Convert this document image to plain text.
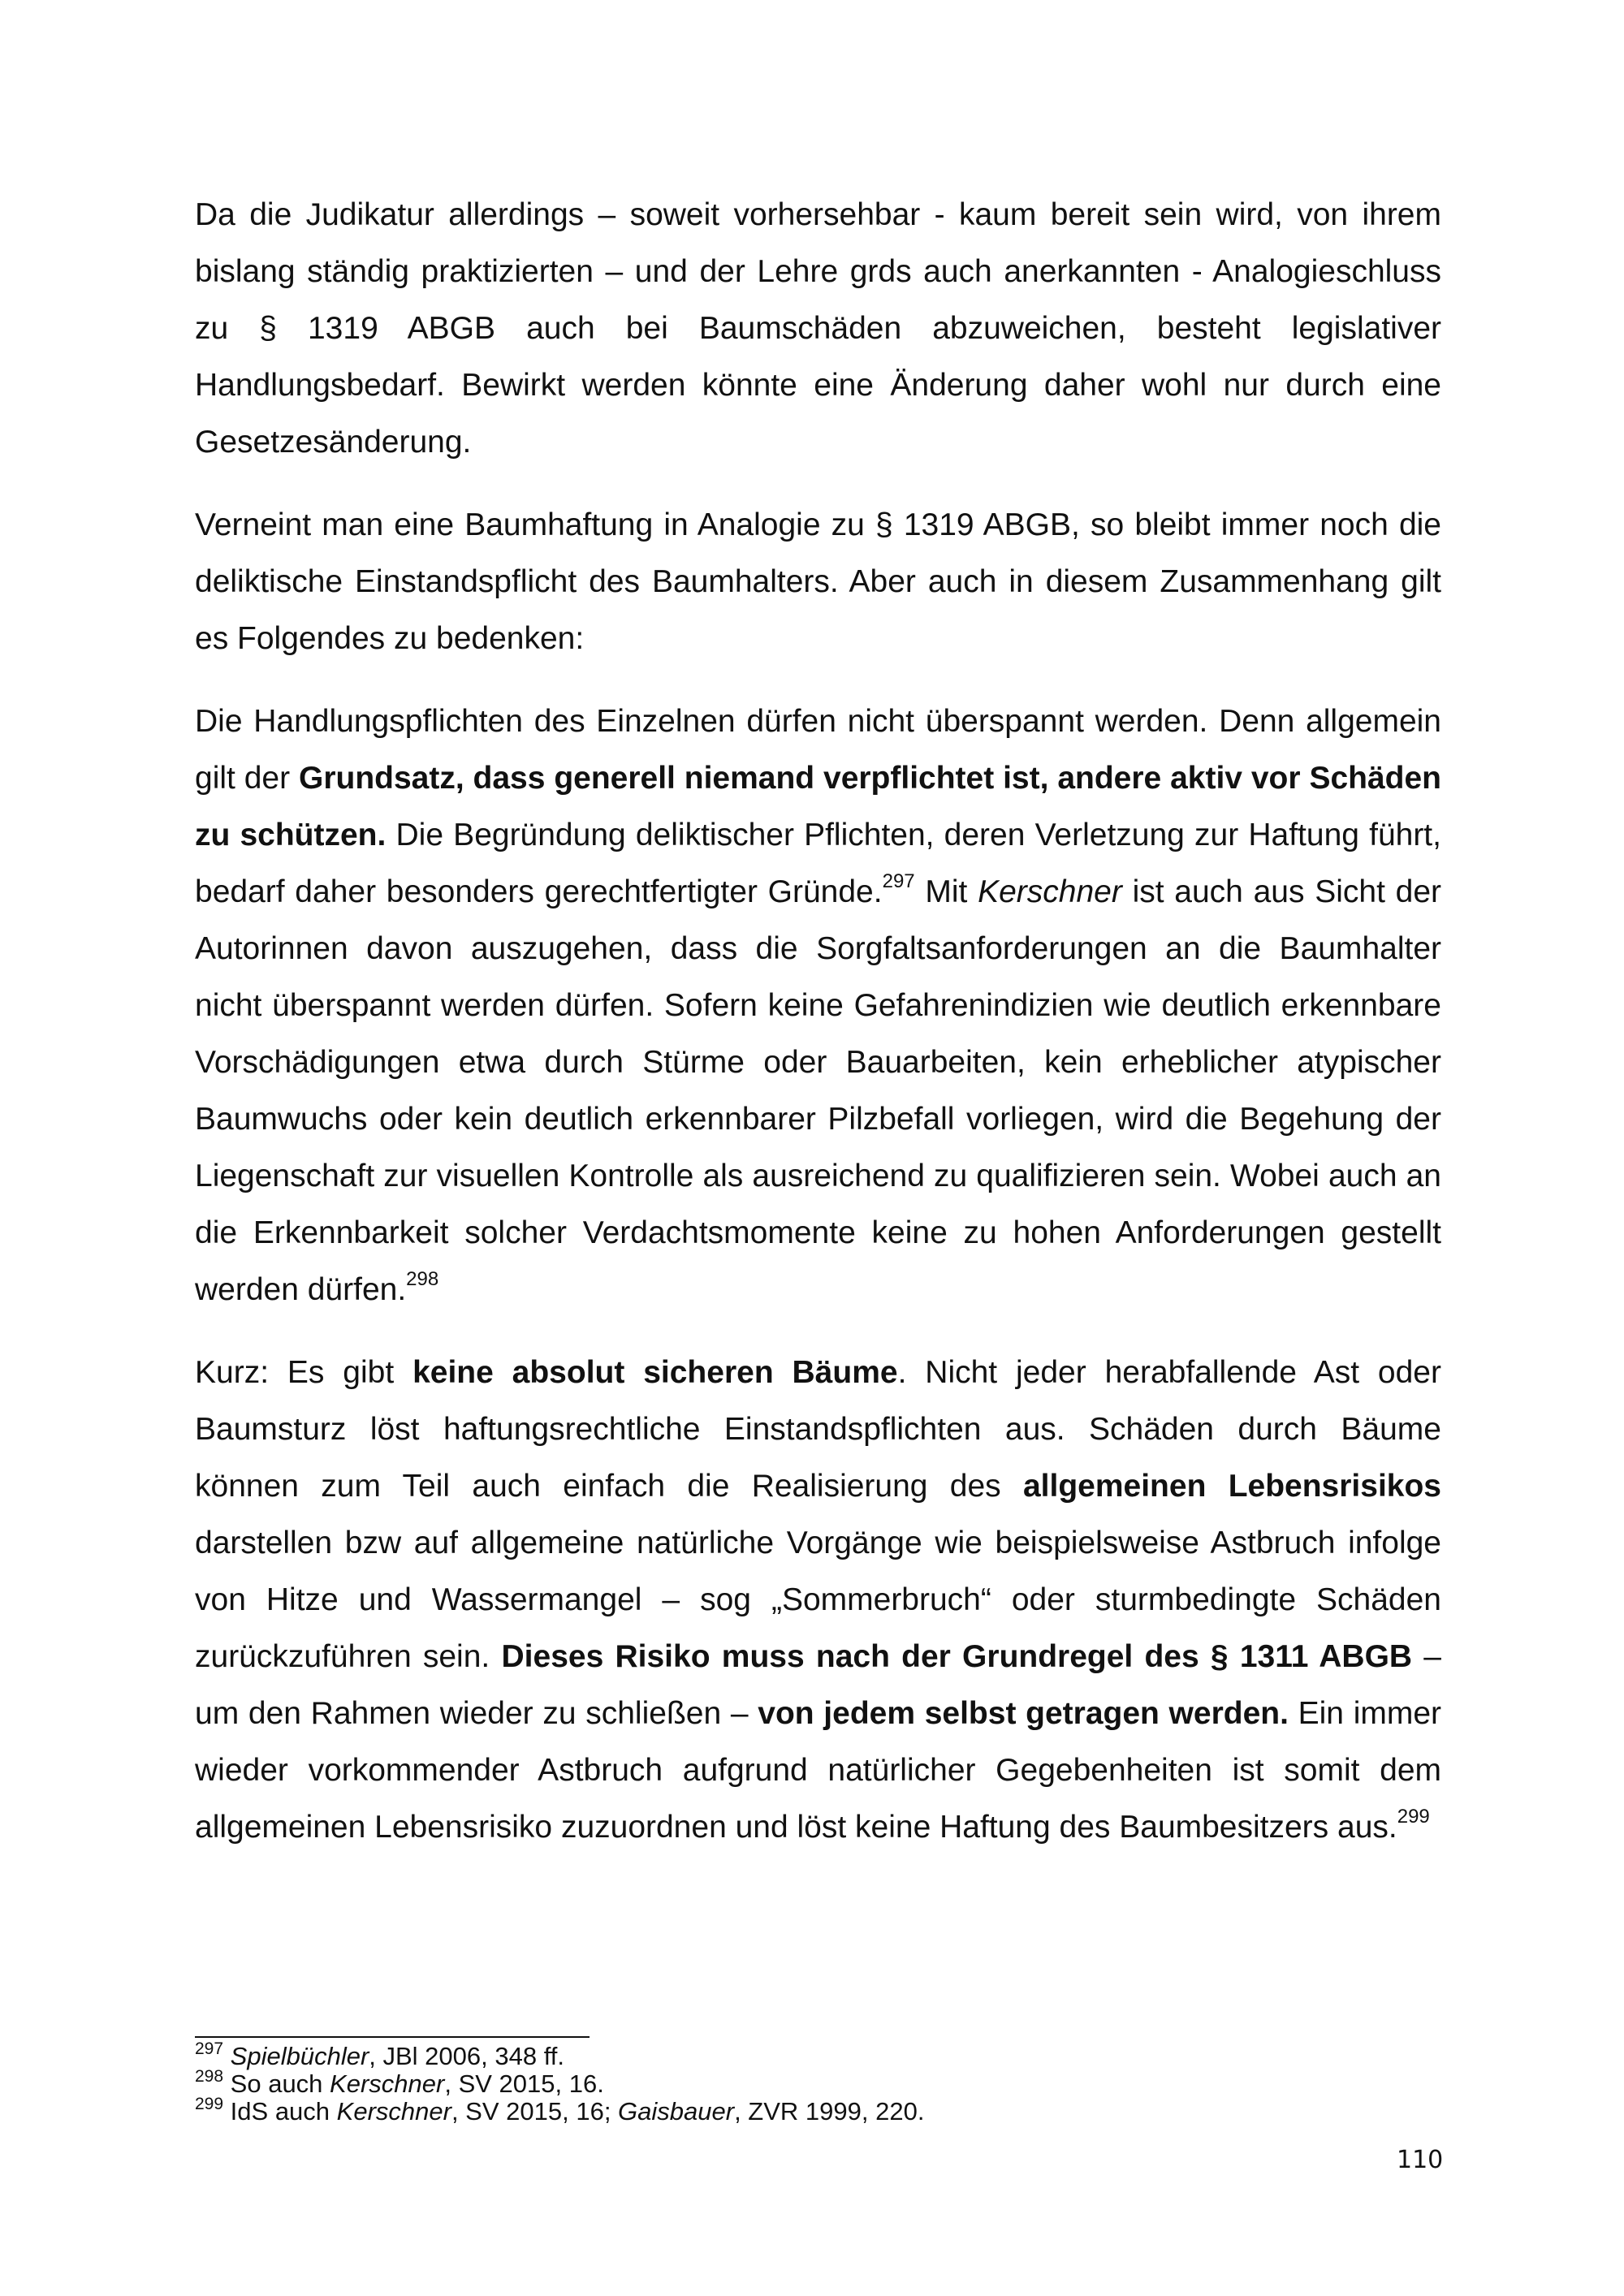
Da die Judikatur allerdings – soweit vorhersehbar - kaum bereit sein wird, von ihrem bislang ständig praktizierten – und der Lehre grds auch anerkannten - Analogieschluss zu § 1319 ABGB auch bei Baumschäden abzuweichen, besteht legislativer Handlungsbedarf. Bewirkt werden könnte eine Änderung daher wohl nur durch eine Gesetzesänderung.

Verneint man eine Baumhaftung in Analogie zu § 1319 ABGB, so bleibt immer noch die deliktische Einstandspflicht des Baumhalters. Aber auch in diesem Zusammenhang gilt es Folgendes zu bedenken:

Die Handlungspflichten des Einzelnen dürfen nicht überspannt werden. Denn allgemein gilt der Grundsatz, dass generell niemand verpflichtet ist, andere aktiv vor Schäden zu schützen. Die Begründung deliktischer Pflichten, deren Verletzung zur Haftung führt, bedarf daher besonders gerechtfertigter Gründe.$^{297}$ Mit Kerschner ist auch aus Sicht der Autorinnen davon auszugehen, dass die Sorgfaltsanforderungen an die Baumhalter nicht überspannt werden dürfen. Sofern keine Gefahrenindizien wie deutlich erkennbare Vorschädigungen etwa durch Stürme oder Bauarbeiten, kein erheblicher atypischer Baumwuchs oder kein deutlich erkennbarer Pilzbefall vorliegen, wird die Begehung der Liegenschaft zur visuellen Kontrolle als ausreichend zu qualifizieren sein. Wobei auch an die Erkennbarkeit solcher Verdachtsmomente keine zu hohen Anforderungen gestellt werden dürfen.$^{298}$

Kurz: Es gibt keine absolut sicheren Bäume. Nicht jeder herabfallende Ast oder Baumsturz löst haftungsrechtliche Einstandspflichten aus. Schäden durch Bäume können zum Teil auch einfach die Realisierung des allgemeinen Lebensrisikos darstellen bzw auf allgemeine natürliche Vorgänge wie beispielsweise Astbruch infolge von Hitze und Wassermangel – sog „Sommerbruch“ oder sturmbedingte Schäden zurückzuführen sein. Dieses Risiko muss nach der Grundregel des § 1311 ABGB – um den Rahmen wieder zu schließen – von jedem selbst getragen werden. Ein immer wieder vorkommender Astbruch aufgrund natürlicher Gegebenheiten ist somit dem allgemeinen Lebensrisiko zuzuordnen und löst keine Haftung des Baumbesitzers aus.$^{299}$

$^{297}$ Spielbüchler, JBl 2006, 348 ff.

$^{298}$ So auch Kerschner, SV 2015, 16.

$^{299}$ IdS auch Kerschner, SV 2015, 16; Gaisbauer, ZVR 1999, 220.

110
